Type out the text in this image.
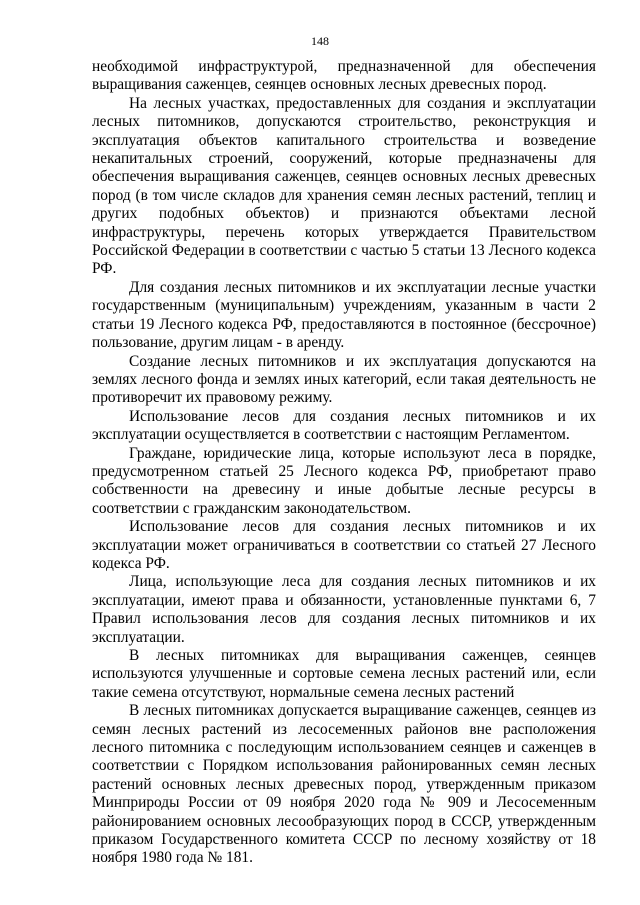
148

необходимой инфраструктурой, предназначенной для обеспечения выращивания саженцев, сеянцев основных лесных древесных пород.

На лесных участках, предоставленных для создания и эксплуатации лесных питомников, допускаются строительство, реконструкция и эксплуатация объектов капитального строительства и возведение некапитальных строений, сооружений, которые предназначены для обеспечения выращивания саженцев, сеянцев основных лесных древесных пород (в том числе складов для хранения семян лесных растений, теплиц и других подобных объектов) и признаются объектами лесной инфраструктуры, перечень которых утверждается Правительством Российской Федерации в соответствии с частью 5 статьи 13 Лесного кодекса РФ.

Для создания лесных питомников и их эксплуатации лесные участки государственным (муниципальным) учреждениям, указанным в части 2 статьи 19 Лесного кодекса РФ, предоставляются в постоянное (бессрочное) пользование, другим лицам - в аренду.

Создание лесных питомников и их эксплуатация допускаются на землях лесного фонда и землях иных категорий, если такая деятельность не противоречит их правовому режиму.

Использование лесов для создания лесных питомников и их эксплуатации осуществляется в соответствии с настоящим Регламентом.

Граждане, юридические лица, которые используют леса в порядке, предусмотренном статьей 25 Лесного кодекса РФ, приобретают право собственности на древесину и иные добытые лесные ресурсы в соответствии с гражданским законодательством.

Использование лесов для создания лесных питомников и их эксплуатации может ограничиваться в соответствии со статьей 27 Лесного кодекса РФ.

Лица, использующие леса для создания лесных питомников и их эксплуатации, имеют права и обязанности, установленные пунктами 6, 7 Правил использования лесов для создания лесных питомников и их эксплуатации.

В лесных питомниках для выращивания саженцев, сеянцев используются улучшенные и сортовые семена лесных растений или, если такие семена отсутствуют, нормальные семена лесных растений

В лесных питомниках допускается выращивание саженцев, сеянцев из семян лесных растений из лесосеменных районов вне расположения лесного питомника с последующим использованием сеянцев и саженцев в соответствии с Порядком использования районированных семян лесных растений основных лесных древесных пород, утвержденным приказом Минприроды России от 09 ноября 2020 года № 909 и Лесосеменным районированием основных лесообразующих пород в СССР, утвержденным приказом Государственного комитета СССР по лесному хозяйству от 18 ноября 1980 года № 181.
